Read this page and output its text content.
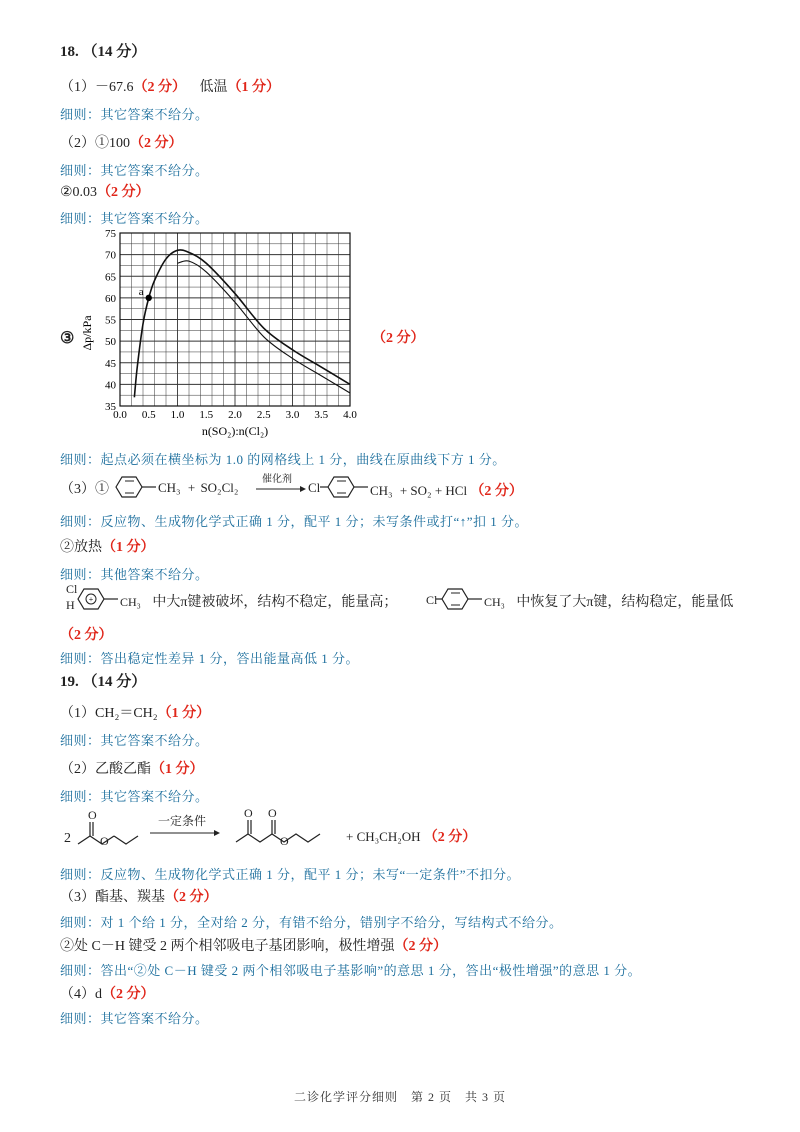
18. （14 分）
（1）－67.6（2 分） 低温（1 分）
细则：其它答案不给分。
（2）①100（2 分）
细则：其它答案不给分。
②0.03（2 分）
细则：其它答案不给分。
③	（2 分）
0.0 0.5 1.0 1.5 2.0 2.5 3.0 3.5 4.0
35
40
45
50
55
60
65
70
75
a
Δp/kPa
n(SO₂):n(Cl₂)
细则：起点必须在横坐标为 1.0 的网格线上 1 分，曲线在原曲线下方 1 分。
（3）①	CH₃ + SO₂Cl₂
催化剂
→ Cl	CH₃ + SO₂ + HCl （2 分）
细则：反应物、生成物化学式正确 1 分，配平 1 分；未写条件或打“↑”扣 1 分。
②放热（1 分）
细则：其他答案不给分。
Cl
H + CH₃ 中大π键被破坏，结构不稳定，能量高； Cl	CH₃ 中恢复了大π键，结构稳定，能量低
（2 分）
细则：答出稳定性差异 1 分，答出能量高低 1 分。
19. （14 分）
（1）CH₂＝CH₂（1 分）
细则：其它答案不给分。
（2）乙酸乙酯（1 分）
细则：其它答案不给分。
2
O
O
一定条件
O O
O	+ CH₃CH₂OH （2 分）
细则：反应物、生成物化学式正确 1 分，配平 1 分；未写“一定条件”不扣分。
（3）酯基、羰基（2 分）
细则：对 1 个给 1 分，全对给 2 分，有错不给分，错别字不给分，写结构式不给分。
②处 C－H 键受 2 两个相邻吸电子基团影响，极性增强（2 分）
细则：答出“②处 C－H 键受 2 两个相邻吸电子基影响”的意思 1 分，答出“极性增强”的意思 1 分。
（4）d（2 分）
细则：其它答案不给分。
二诊化学评分细则　第 2 页　共 3 页
